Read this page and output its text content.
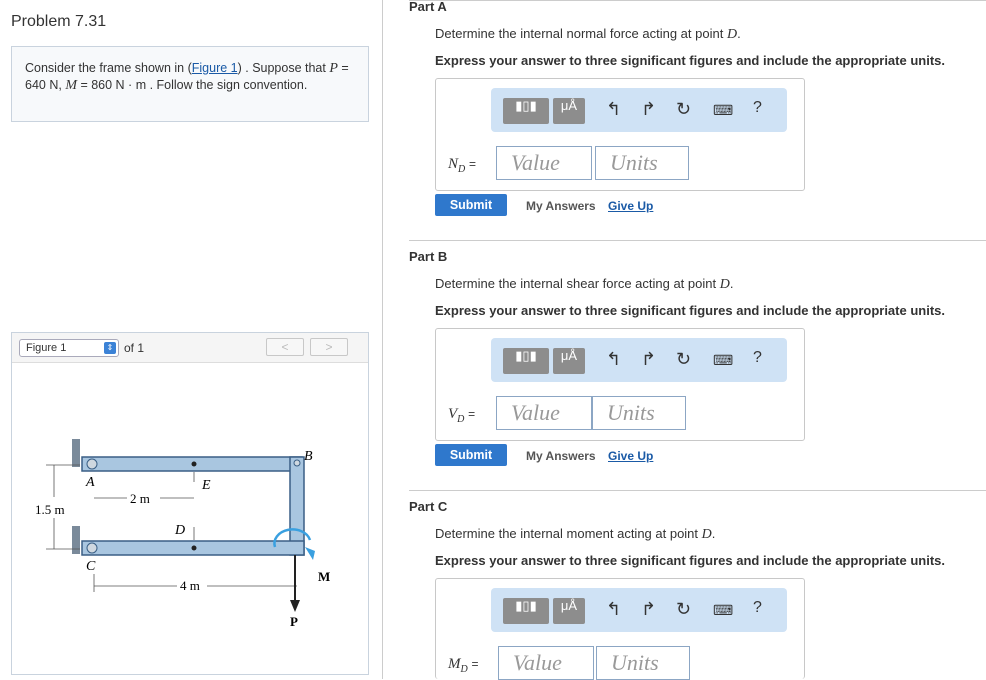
Problem 7.31
Consider the frame shown in (Figure 1) . Suppose that P = 640 N, M = 860 N · m . Follow the sign convention.
Figure 1	⇕ of 1	<	>
A
B
C
D
E
2 m
4 m
1.5 m
M
P
Part A
Determine the internal normal force acting at point D.
Express your answer to three significant figures and include the appropriate units.
▮▯▮	μÅ	↰ ↱ ↻ ⌨ ?
$N_D$ =	Value	Units
Submit	My Answers Give Up
Part B
Determine the internal shear force acting at point D.
Express your answer to three significant figures and include the appropriate units.
▮▯▮	μÅ	↰ ↱ ↻ ⌨ ?
$V_D$ =	Value	Units
Submit	My Answers Give Up
Part C
Determine the internal moment acting at point D.
Express your answer to three significant figures and include the appropriate units.
▮▯▮	μÅ	↰ ↱ ↻ ⌨ ?
$M_D$ =	Value	Units
